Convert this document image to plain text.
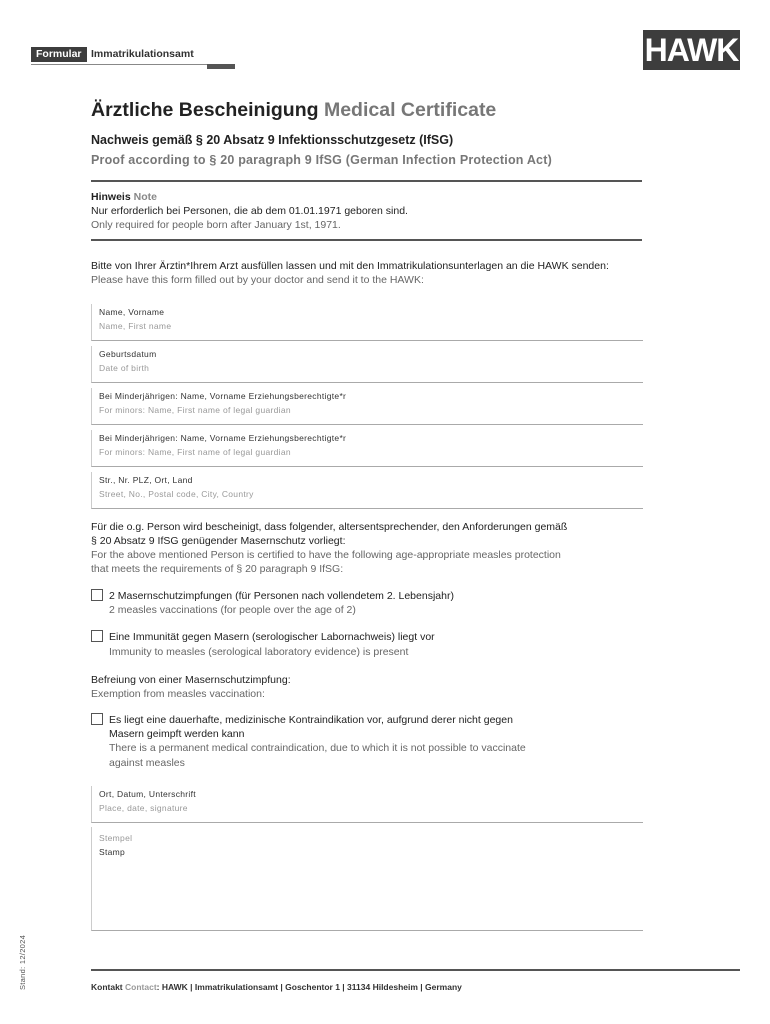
Formular Immatrikulationsamt	HAWK
Ärztliche Bescheinigung Medical Certificate
Nachweis gemäß § 20 Absatz 9 Infektionsschutzgesetz (IfSG)
Proof according to § 20 paragraph 9 IfSG (German Infection Protection Act)
Hinweis Note
Nur erforderlich bei Personen, die ab dem 01.01.1971 geboren sind.
Only required for people born after January 1st, 1971.
Bitte von Ihrer Ärztin*Ihrem Arzt ausfüllen lassen und mit den Immatrikulationsunterlagen an die HAWK senden:
Please have this form filled out by your doctor and send it to the HAWK:
Name, Vorname
Name, First name
Geburtsdatum
Date of birth
Bei Minderjährigen: Name, Vorname Erziehungsberechtigte*r
For minors: Name, First name of legal guardian
Bei Minderjährigen: Name, Vorname Erziehungsberechtigte*r
For minors: Name, First name of legal guardian
Str., Nr. PLZ, Ort, Land
Street, No., Postal code, City, Country
Für die o.g. Person wird bescheinigt, dass folgender, altersentsprechender, den Anforderungen gemäß
§ 20 Absatz 9 IfSG genügender Masernschutz vorliegt:
For the above mentioned Person is certified to have the following age-appropriate measles protection
that meets the requirements of § 20 paragraph 9 IfSG:
2 Masernschutzimpfungen (für Personen nach vollendetem 2. Lebensjahr)
2 measles vaccinations (for people over the age of 2)
Eine Immunität gegen Masern (serologischer Labornachweis) liegt vor
Immunity to measles (serological laboratory evidence) is present
Befreiung von einer Masernschutzimpfung:
Exemption from measles vaccination:
Es liegt eine dauerhafte, medizinische Kontraindikation vor, aufgrund derer nicht gegen
Masern geimpft werden kann
There is a permanent medical contraindication, due to which it is not possible to vaccinate
against measles
Ort, Datum, Unterschrift
Place, date, signature
Stempel
Stamp
Stand: 12/2024	Kontakt Contact: HAWK | Immatrikulationsamt | Goschentor 1 | 31134 Hildesheim | Germany
